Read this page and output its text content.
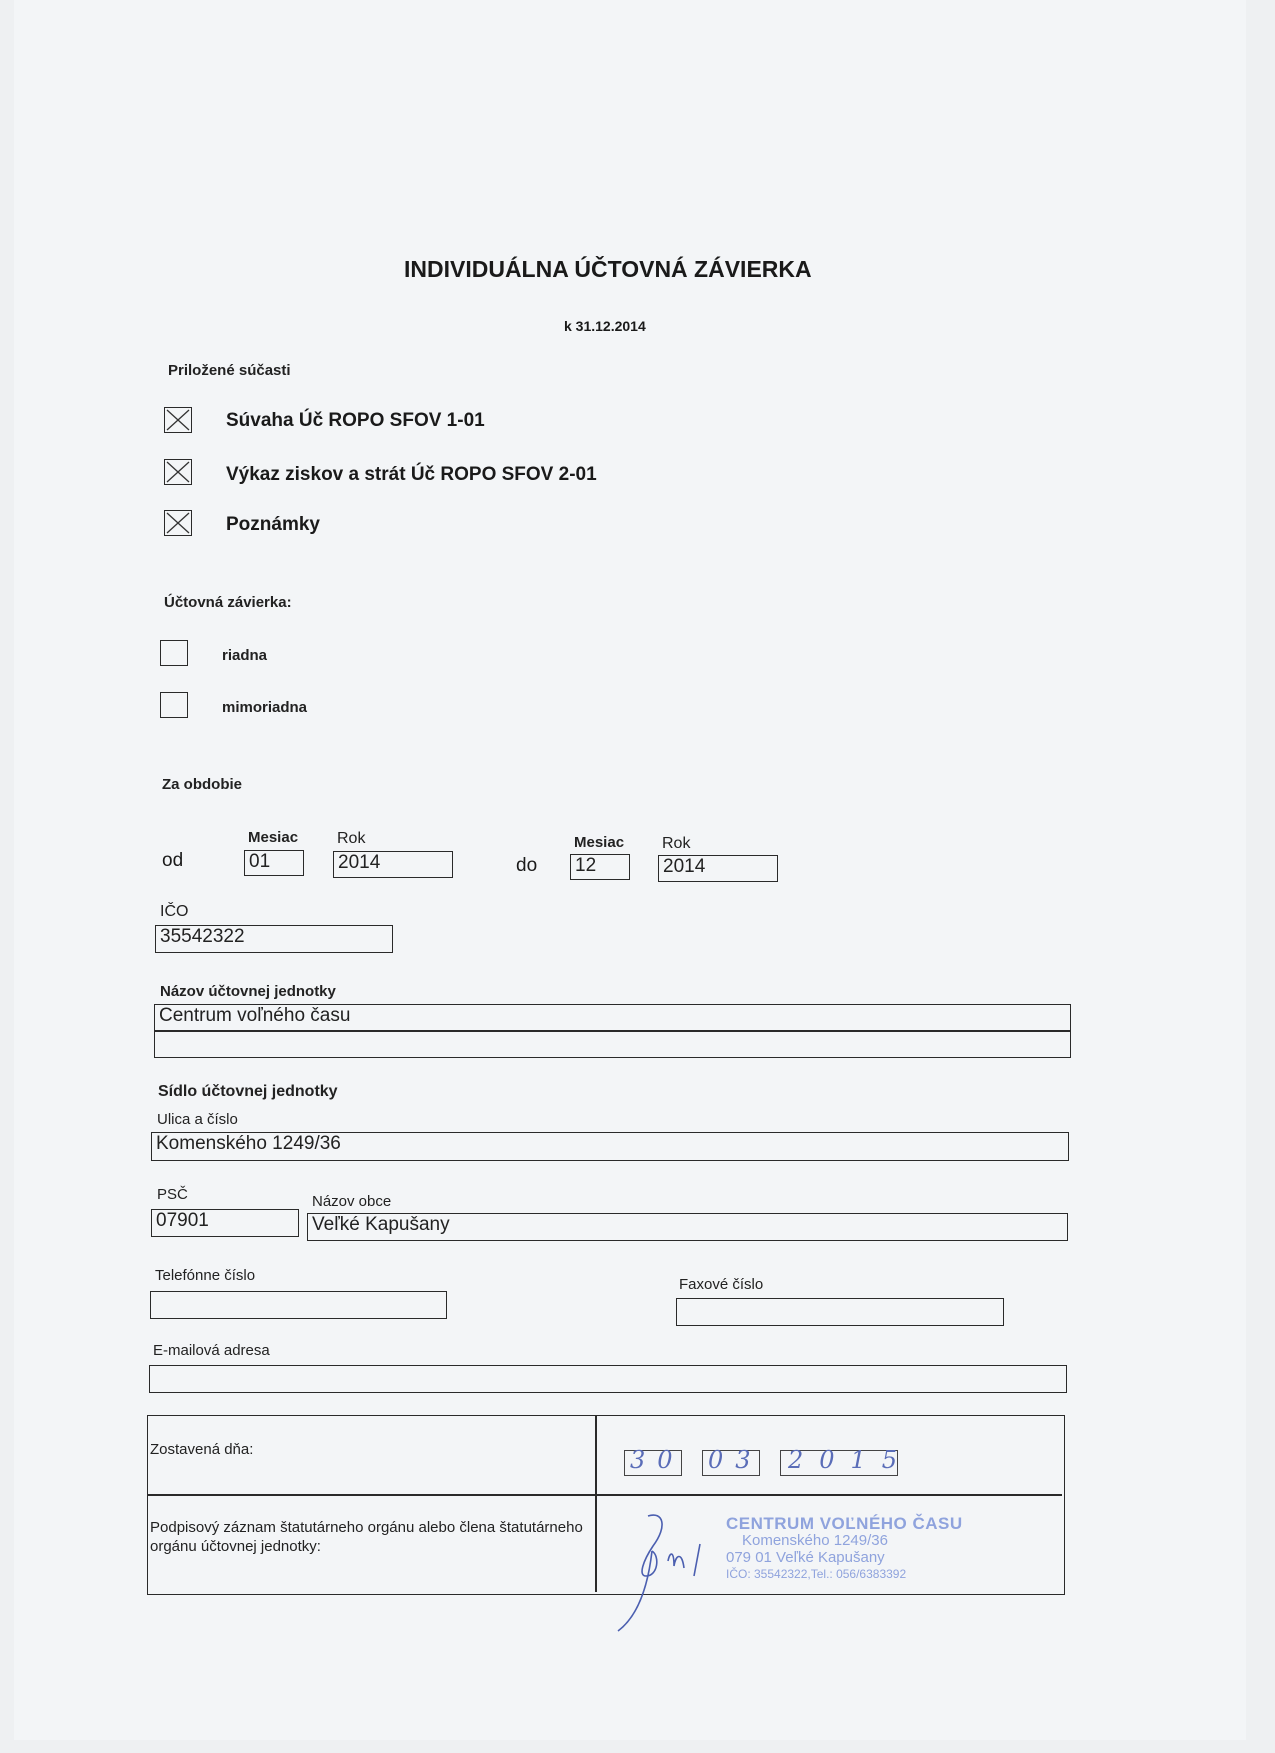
INDIVIDUÁLNA ÚČTOVNÁ ZÁVIERKA
k 31.12.2014
Priložené súčasti
Súvaha Úč ROPO SFOV 1-01
Výkaz ziskov a strát Úč ROPO SFOV 2-01
Poznámky
Účtovná závierka:
riadna
mimoriadna
Za obdobie
Mesiac Rok
od	01	2014
Mesiac Rok
do 12	2014
IČO
35542322
Názov účtovnej jednotky
Centrum voľného času
Sídlo účtovnej jednotky
Ulica a číslo
Komenského 1249/36
PSČ
07901
Názov obce
Veľké Kapušany
Telefónne číslo
Faxové číslo
E-mailová adresa
Zostavená dňa:	30 03 2015
Podpisový záznam štatutárneho orgánu alebo člena štatutárneho orgánu účtovnej jednotky:
CENTRUM VOĽNÉHO ČASU
Komenského 1249/36
079 01 Veľké Kapušany
IČO: 35542322,Tel.: 056/6383392
